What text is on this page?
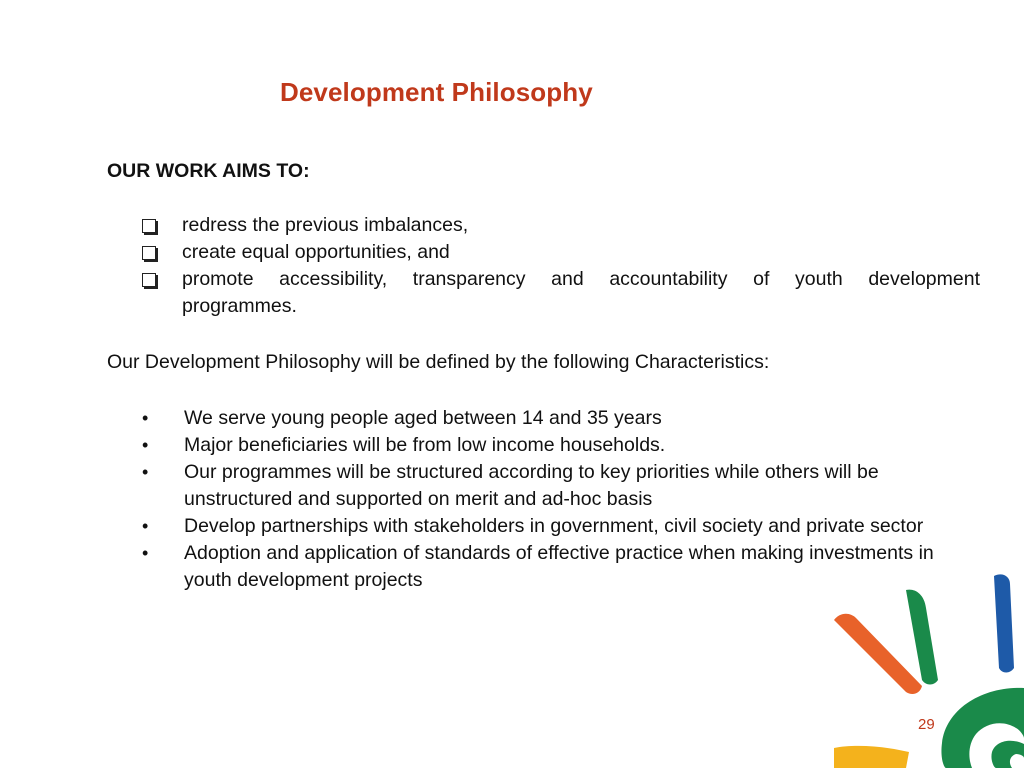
Development Philosophy
OUR WORK AIMS TO:
redress the previous imbalances,
create equal opportunities, and
promote accessibility, transparency and accountability of youth development
programmes.
Our Development Philosophy will be defined by the following Characteristics:
•	We serve young people aged between 14 and 35 years
•	Major beneficiaries will be from low income households.
•	Our programmes will be structured according to key priorities while others will be unstructured and supported on merit and ad-hoc basis
•	Develop partnerships with stakeholders in government, civil society and private sector
•	Adoption and application of standards of effective practice when making investments in youth development projects
29
